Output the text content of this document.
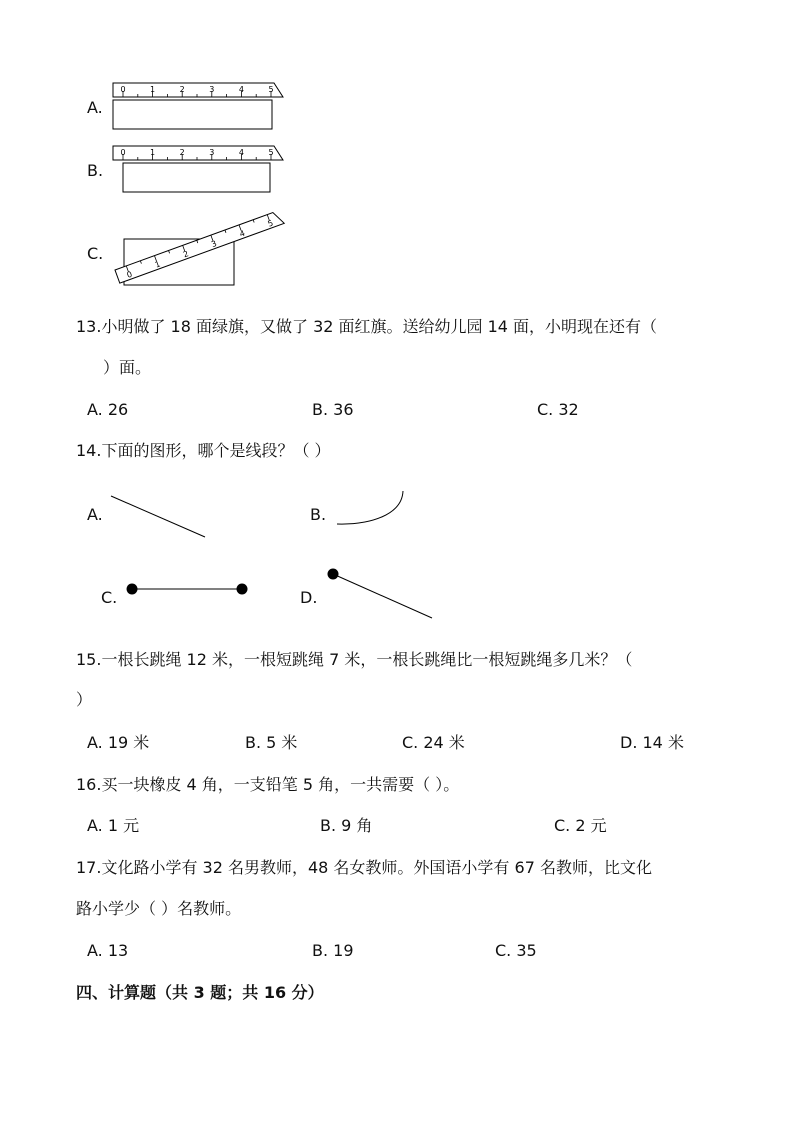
A.
0	1	2	3	4	5
B.
0	1	2	3	4	5
C.
0
1
2
3
4
5
13.小明做了 18 面绿旗，又做了 32 面红旗。送给幼儿园 14 面，小明现在还有（
）面。
A. 26	B. 36	C. 32
14.下面的图形，哪个是线段？（ ）
A.	B.
C.	D.
15.一根长跳绳 12 米，一根短跳绳 7 米，一根长跳绳比一根短跳绳多几米？（
）
A. 19 米	B. 5 米	C. 24 米	D. 14 米
16.买一块橡皮 4 角，一支铅笔 5 角，一共需要（ ）。
A. 1 元	B. 9 角	C. 2 元
17.文化路小学有 32 名男教师，48 名女教师。外国语小学有 67 名教师，比文化
路小学少（ ）名教师。
A. 13	B. 19	C. 35
四、计算题（共 3 题；共 16 分）
